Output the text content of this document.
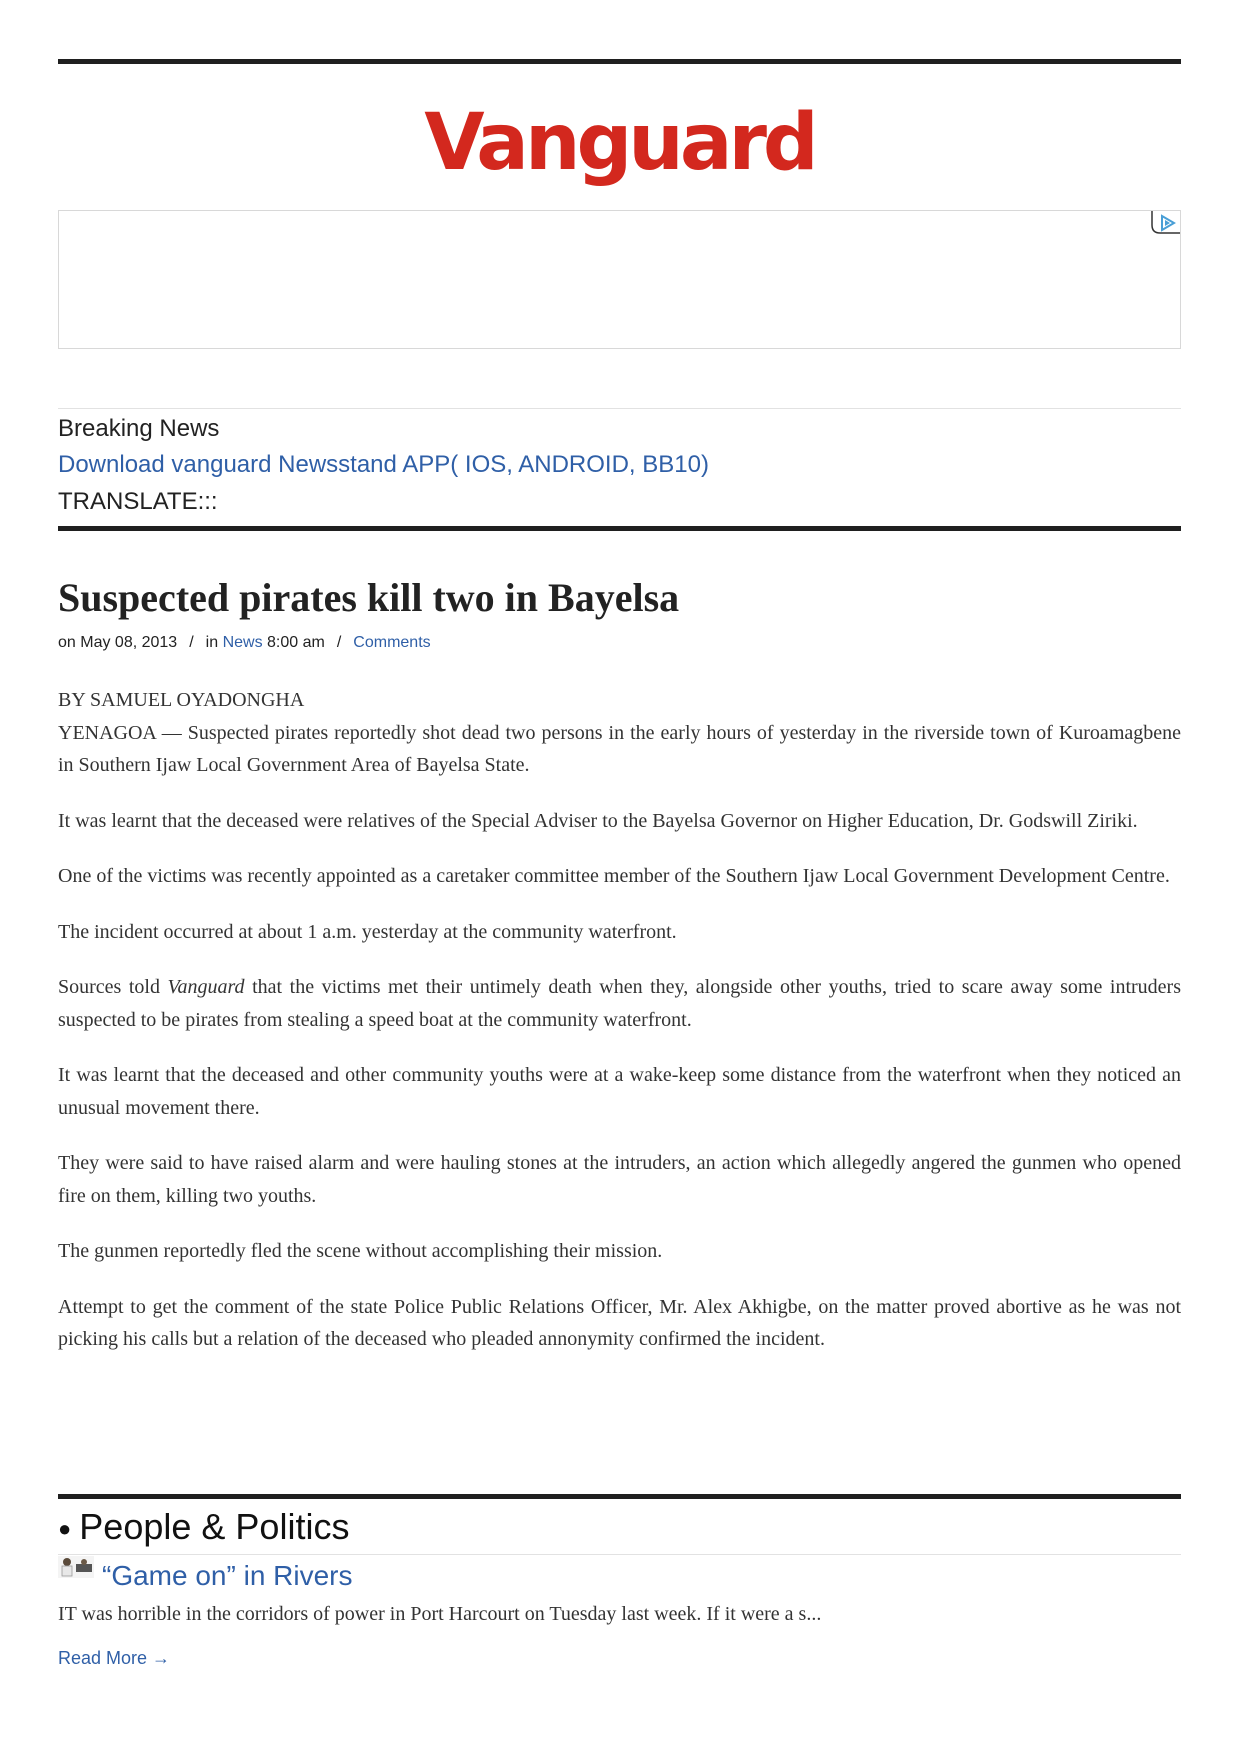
Vanguard
Breaking News
Download vanguard Newsstand APP( IOS, ANDROID, BB10)
TRANSLATE:::
Suspected pirates kill two in Bayelsa
on May 08, 2013 / in News 8:00 am / Comments

BY SAMUEL OYADONGHA

YENAGOA — Suspected pirates reportedly shot dead two persons in the early hours of yesterday in the riverside town of Kuroamagbene in Southern Ijaw Local Government Area of Bayelsa State.

It was learnt that the deceased were relatives of the Special Adviser to the Bayelsa Governor on Higher Education, Dr. Godswill Ziriki.

One of the victims was recently appointed as a caretaker committee member of the Southern Ijaw Local Government Development Centre.

The incident occurred at about 1 a.m. yesterday at the community waterfront.

Sources told Vanguard that the victims met their untimely death when they, alongside other youths, tried to scare away some intruders suspected to be pirates from stealing a speed boat at the community waterfront.

It was learnt that the deceased and other community youths were at a wake-keep some distance from the waterfront when they noticed an unusual movement there.

They were said to have raised alarm and were hauling stones at the intruders, an action which allegedly angered the gunmen who opened fire on them, killing two youths.

The gunmen reportedly fled the scene without accomplishing their mission.

Attempt to get the comment of the state Police Public Relations Officer, Mr. Alex Akhigbe, on the matter proved abortive as he was not picking his calls but a relation of the deceased who pleaded annonymity confirmed the incident.

● People & Politics
“Game on” in Rivers
IT was horrible in the corridors of power in Port Harcourt on Tuesday last week. If it were a s...
Read More →
